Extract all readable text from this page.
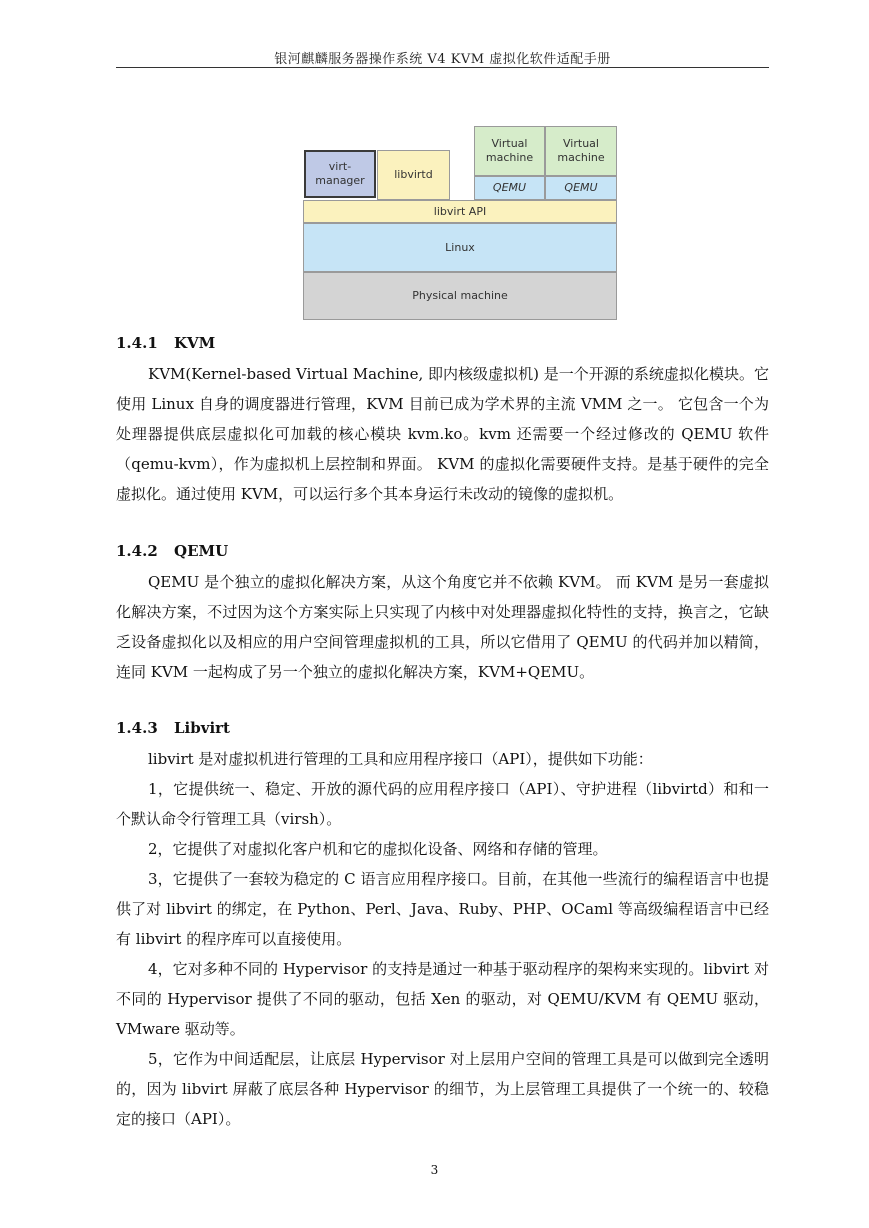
银河麒麟服务器操作系统 V4 KVM 虚拟化软件适配手册
Physical machine
Linux
libvirt API
virt-
manager	libvirtd
Virtual
machine
Virtual
machine
QEMU	QEMU
1.4.1 KVM

KVM(Kernel-based Virtual Machine, 即内核级虚拟机) 是一个开源的系统虚拟化模块。它使用 Linux 自身的调度器进行管理，KVM 目前已成为学术界的主流 VMM 之一。 它包含一个为处理器提供底层虚拟化可加载的核心模块 kvm.ko。kvm 还需要一个经过修改的 QEMU 软件（qemu-kvm），作为虚拟机上层控制和界面。 KVM 的虚拟化需要硬件支持。是基于硬件的完全虚拟化。通过使用 KVM，可以运行多个其本身运行未改动的镜像的虚拟机。

1.4.2 QEMU

QEMU 是个独立的虚拟化解决方案，从这个角度它并不依赖 KVM。 而 KVM 是另一套虚拟化解决方案，不过因为这个方案实际上只实现了内核中对处理器虚拟化特性的支持，换言之，它缺乏设备虚拟化以及相应的用户空间管理虚拟机的工具，所以它借用了 QEMU 的代码并加以精简，连同 KVM 一起构成了另一个独立的虚拟化解决方案，KVM+QEMU。

1.4.3 Libvirt

libvirt 是对虚拟机进行管理的工具和应用程序接口（API），提供如下功能：

1，它提供统一、稳定、开放的源代码的应用程序接口（API）、守护进程（libvirtd）和和一个默认命令行管理工具（virsh）。

2，它提供了对虚拟化客户机和它的虚拟化设备、网络和存储的管理。

3，它提供了一套较为稳定的 C 语言应用程序接口。目前，在其他一些流行的编程语言中也提供了对 libvirt 的绑定，在 Python、Perl、Java、Ruby、PHP、OCaml 等高级编程语言中已经有 libvirt 的程序库可以直接使用。

4，它对多种不同的 Hypervisor 的支持是通过一种基于驱动程序的架构来实现的。libvirt 对不同的 Hypervisor 提供了不同的驱动，包括 Xen 的驱动，对 QEMU/KVM 有 QEMU 驱动，VMware 驱动等。

5，它作为中间适配层，让底层 Hypervisor 对上层用户空间的管理工具是可以做到完全透明的，因为 libvirt 屏蔽了底层各种 Hypervisor 的细节，为上层管理工具提供了一个统一的、较稳定的接口（API）。

3
